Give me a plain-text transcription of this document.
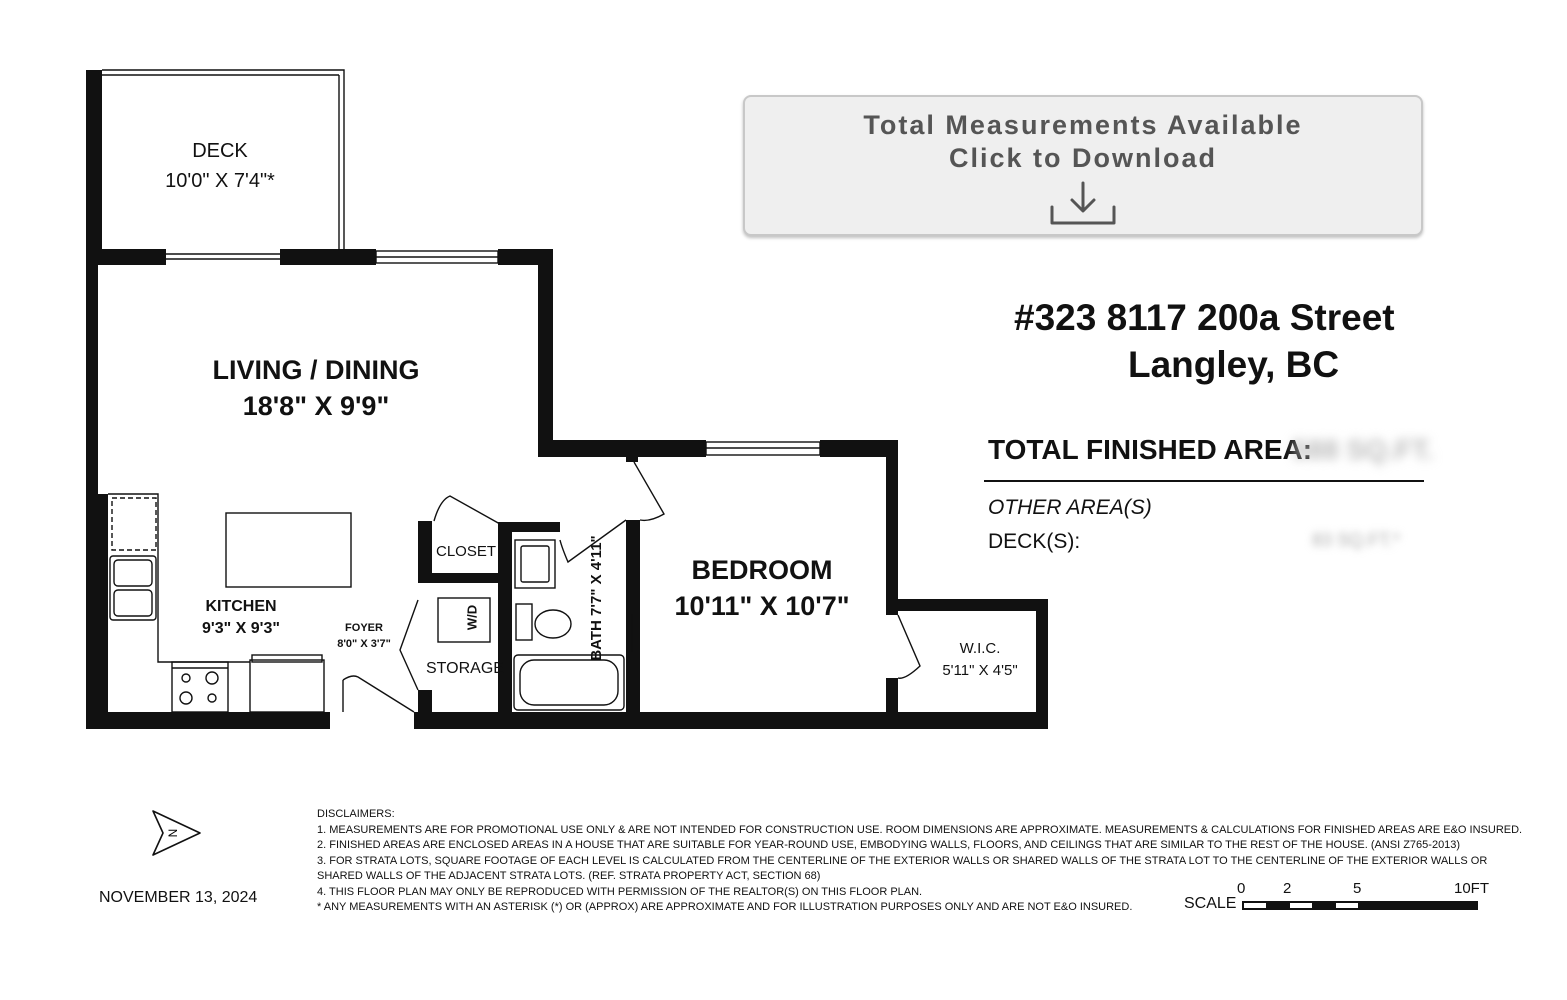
DECK
10'0" X 7'4"*
LIVING / DINING
18'8" X 9'9"
KITCHEN
9'3" X 9'3"	FOYER
8'0" X 3'7"
CLOSET
STORAGE
W/D
BATH 7'7" X 4'11"	BEDROOM
10'11" X 10'7"
W.I.C.
5'11" X 4'5"
Total Measurements Available
Click to Download
#323 8117 200a Street
Langley, BC
TOTAL FINISHED AREA:
588 SQ.FT.
OTHER AREA(S)
DECK(S):	83 SQ.FT.*
N
NOVEMBER 13, 2024
DISCLAIMERS:
1. MEASUREMENTS ARE FOR PROMOTIONAL USE ONLY & ARE NOT INTENDED FOR CONSTRUCTION USE. ROOM DIMENSIONS ARE APPROXIMATE. MEASUREMENTS & CALCULATIONS FOR FINISHED AREAS ARE E&O INSURED.
2. FINISHED AREAS ARE ENCLOSED AREAS IN A HOUSE THAT ARE SUITABLE FOR YEAR-ROUND USE, EMBODYING WALLS, FLOORS, AND CEILINGS THAT ARE SIMILAR TO THE REST OF THE HOUSE. (ANSI Z765-2013)
3. FOR STRATA LOTS, SQUARE FOOTAGE OF EACH LEVEL IS CALCULATED FROM THE CENTERLINE OF THE EXTERIOR WALLS OR SHARED WALLS OF THE STRATA LOT TO THE CENTERLINE OF THE EXTERIOR WALLS OR
SHARED WALLS OF THE ADJACENT STRATA LOTS. (REF. STRATA PROPERTY ACT, SECTION 68)
4. THIS FLOOR PLAN MAY ONLY BE REPRODUCED WITH PERMISSION OF THE REALTOR(S) ON THIS FLOOR PLAN.
* ANY MEASUREMENTS WITH AN ASTERISK (*) OR (APPROX) ARE APPROXIMATE AND FOR ILLUSTRATION PURPOSES ONLY AND ARE NOT E&O INSURED.	SCALE
0	2	5	10FT
